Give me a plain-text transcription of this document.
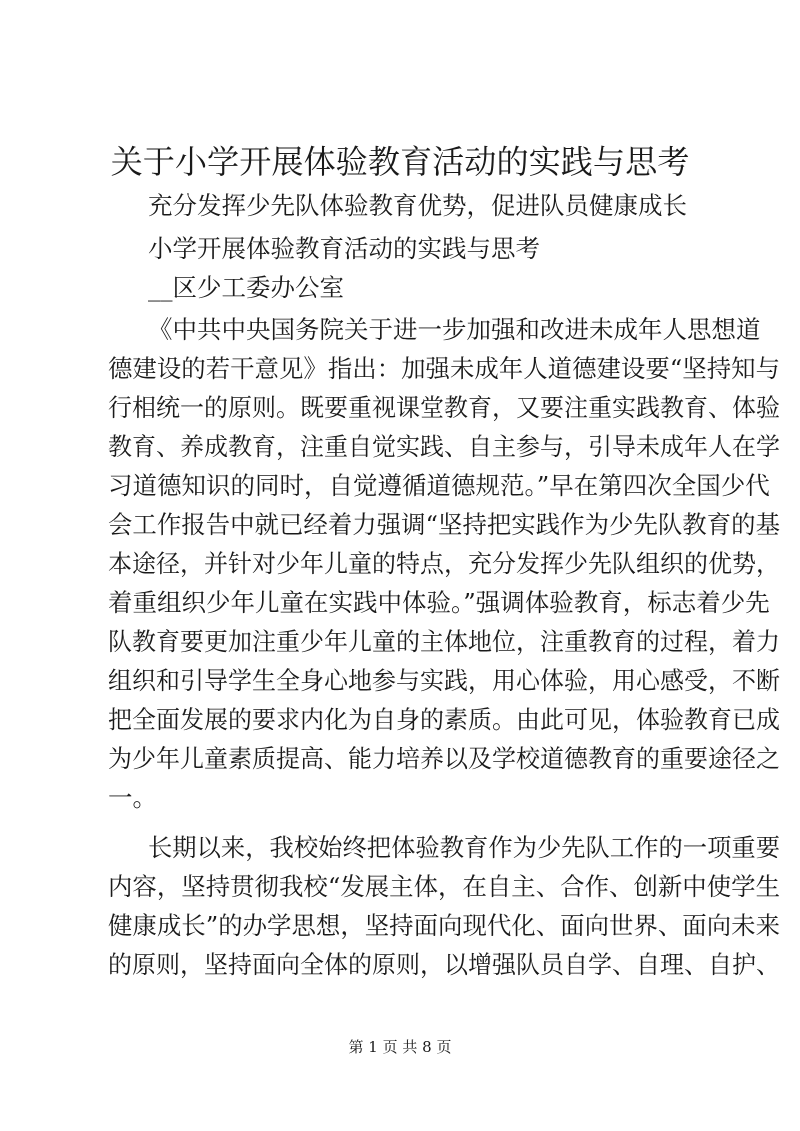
关于小学开展体验教育活动的实践与思考

充分发挥少先队体验教育优势，促进队员健康成长

小学开展体验教育活动的实践与思考

__区少工委办公室

《中共中央国务院关于进一步加强和改进未成年人思想道

德建设的若干意见》指出：加强未成年人道德建设要“坚持知与

行相统一的原则。既要重视课堂教育，又要注重实践教育、体验

教育、养成教育，注重自觉实践、自主参与，引导未成年人在学

习道德知识的同时，自觉遵循道德规范。”早在第四次全国少代

会工作报告中就已经着力强调“坚持把实践作为少先队教育的基

本途径，并针对少年儿童的特点，充分发挥少先队组织的优势，

着重组织少年儿童在实践中体验。”强调体验教育，标志着少先

队教育要更加注重少年儿童的主体地位，注重教育的过程，着力

组织和引导学生全身心地参与实践，用心体验，用心感受，不断

把全面发展的要求内化为自身的素质。由此可见，体验教育已成

为少年儿童素质提高、能力培养以及学校道德教育的重要途径之

一。

长期以来，我校始终把体验教育作为少先队工作的一项重要

内容，坚持贯彻我校“发展主体，在自主、合作、创新中使学生

健康成长”的办学思想，坚持面向现代化、面向世界、面向未来

的原则，坚持面向全体的原则，以增强队员自学、自理、自护、

第 1 页 共 8 页
